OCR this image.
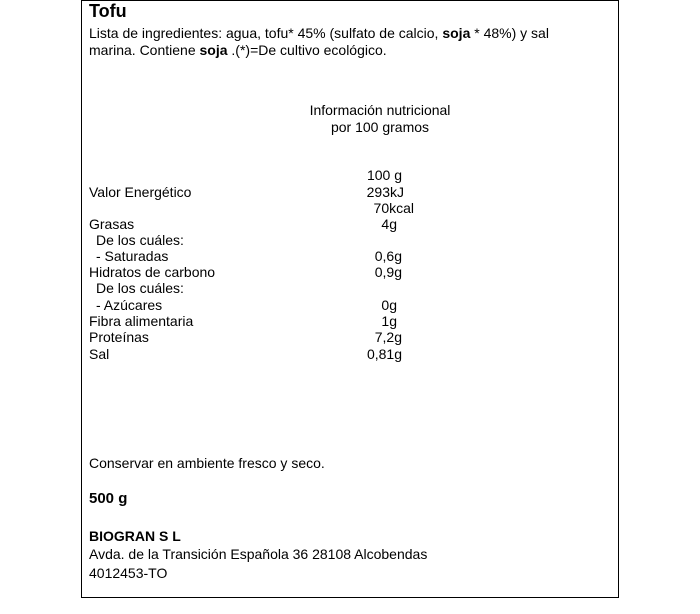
Tofu
Lista de ingredientes: agua, tofu* 45% (sulfato de calcio, soja * 48%) y sal
marina. Contiene soja .(*)=De cultivo ecológico.
Información nutricional
por 100 gramos
100 g
Valor Energético	293kJ
70kcal
Grasas	4g
De los cuáles:
- Saturadas	0,6g
Hidratos de carbono	0,9g
De los cuáles:
- Azúcares	0g
Fibra alimentaria	1g
Proteínas	7,2g
Sal	0,81g
Conservar en ambiente fresco y seco.
500 g
BIOGRAN S L
Avda. de la Transición Española 36 28108 Alcobendas
4012453-TO
